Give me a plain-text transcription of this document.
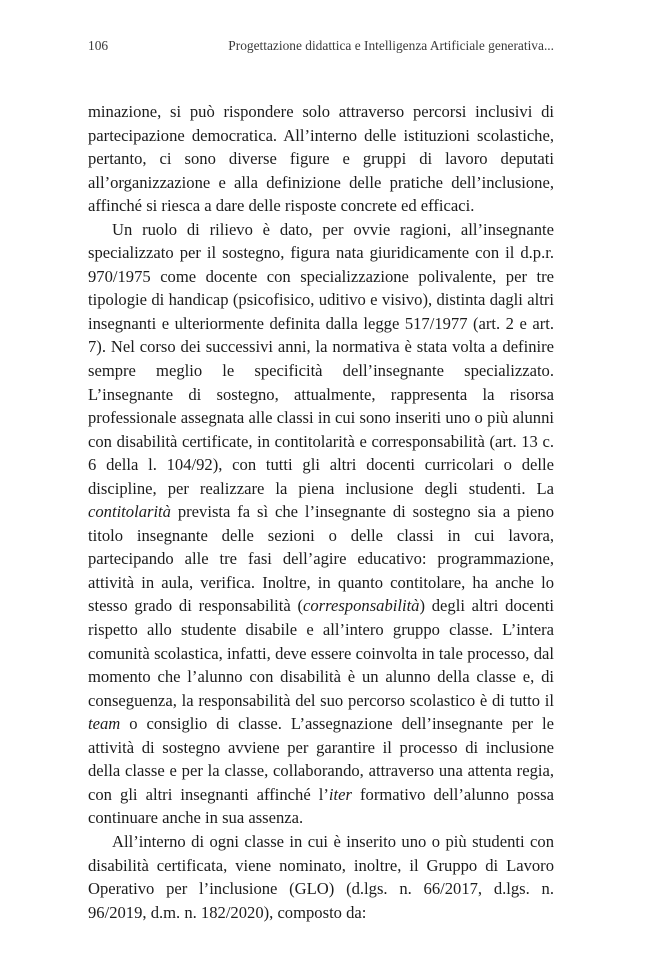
106	Progettazione didattica e Intelligenza Artificiale generativa...

minazione, si può rispondere solo attraverso percorsi inclusivi di partecipazione democratica. All’interno delle istituzioni scolastiche, pertanto, ci sono diverse figure e gruppi di lavoro deputati all’organizzazione e alla definizione delle pratiche dell’inclusione, affinché si riesca a dare delle risposte concrete ed efficaci.

Un ruolo di rilievo è dato, per ovvie ragioni, all’insegnante specializzato per il sostegno, figura nata giuridicamente con il d.p.r. 970/1975 come docente con specializzazione polivalente, per tre tipologie di handicap (psicofisico, uditivo e visivo), distinta dagli altri insegnanti e ulteriormente definita dalla legge 517/1977 (art. 2 e art. 7). Nel corso dei successivi anni, la normativa è stata volta a definire sempre meglio le specificità dell’insegnante specializzato. L’insegnante di sostegno, attualmente, rappresenta la risorsa professionale assegnata alle classi in cui sono inseriti uno o più alunni con disabilità certificate, in contitolarità e corresponsabilità (art. 13 c. 6 della l. 104/92), con tutti gli altri docenti curricolari o delle discipline, per realizzare la piena inclusione degli studenti. La contitolarità prevista fa sì che l’insegnante di sostegno sia a pieno titolo insegnante delle sezioni o delle classi in cui lavora, partecipando alle tre fasi dell’agire educativo: programmazione, attività in aula, verifica. Inoltre, in quanto contitolare, ha anche lo stesso grado di responsabilità (corresponsabilità) degli altri docenti rispetto allo studente disabile e all’intero gruppo classe. L’intera comunità scolastica, infatti, deve essere coinvolta in tale processo, dal momento che l’alunno con disabilità è un alunno della classe e, di conseguenza, la responsabilità del suo percorso scolastico è di tutto il team o consiglio di classe. L’assegnazione dell’insegnante per le attività di sostegno avviene per garantire il processo di inclusione della classe e per la classe, collaborando, attraverso una attenta regia, con gli altri insegnanti affinché l’iter formativo dell’alunno possa continuare anche in sua assenza.

All’interno di ogni classe in cui è inserito uno o più studenti con disabilità certificata, viene nominato, inoltre, il Gruppo di Lavoro Operativo per l’inclusione (GLO) (d.lgs. n. 66/2017, d.lgs. n. 96/2019, d.m. n. 182/2020), composto da:
